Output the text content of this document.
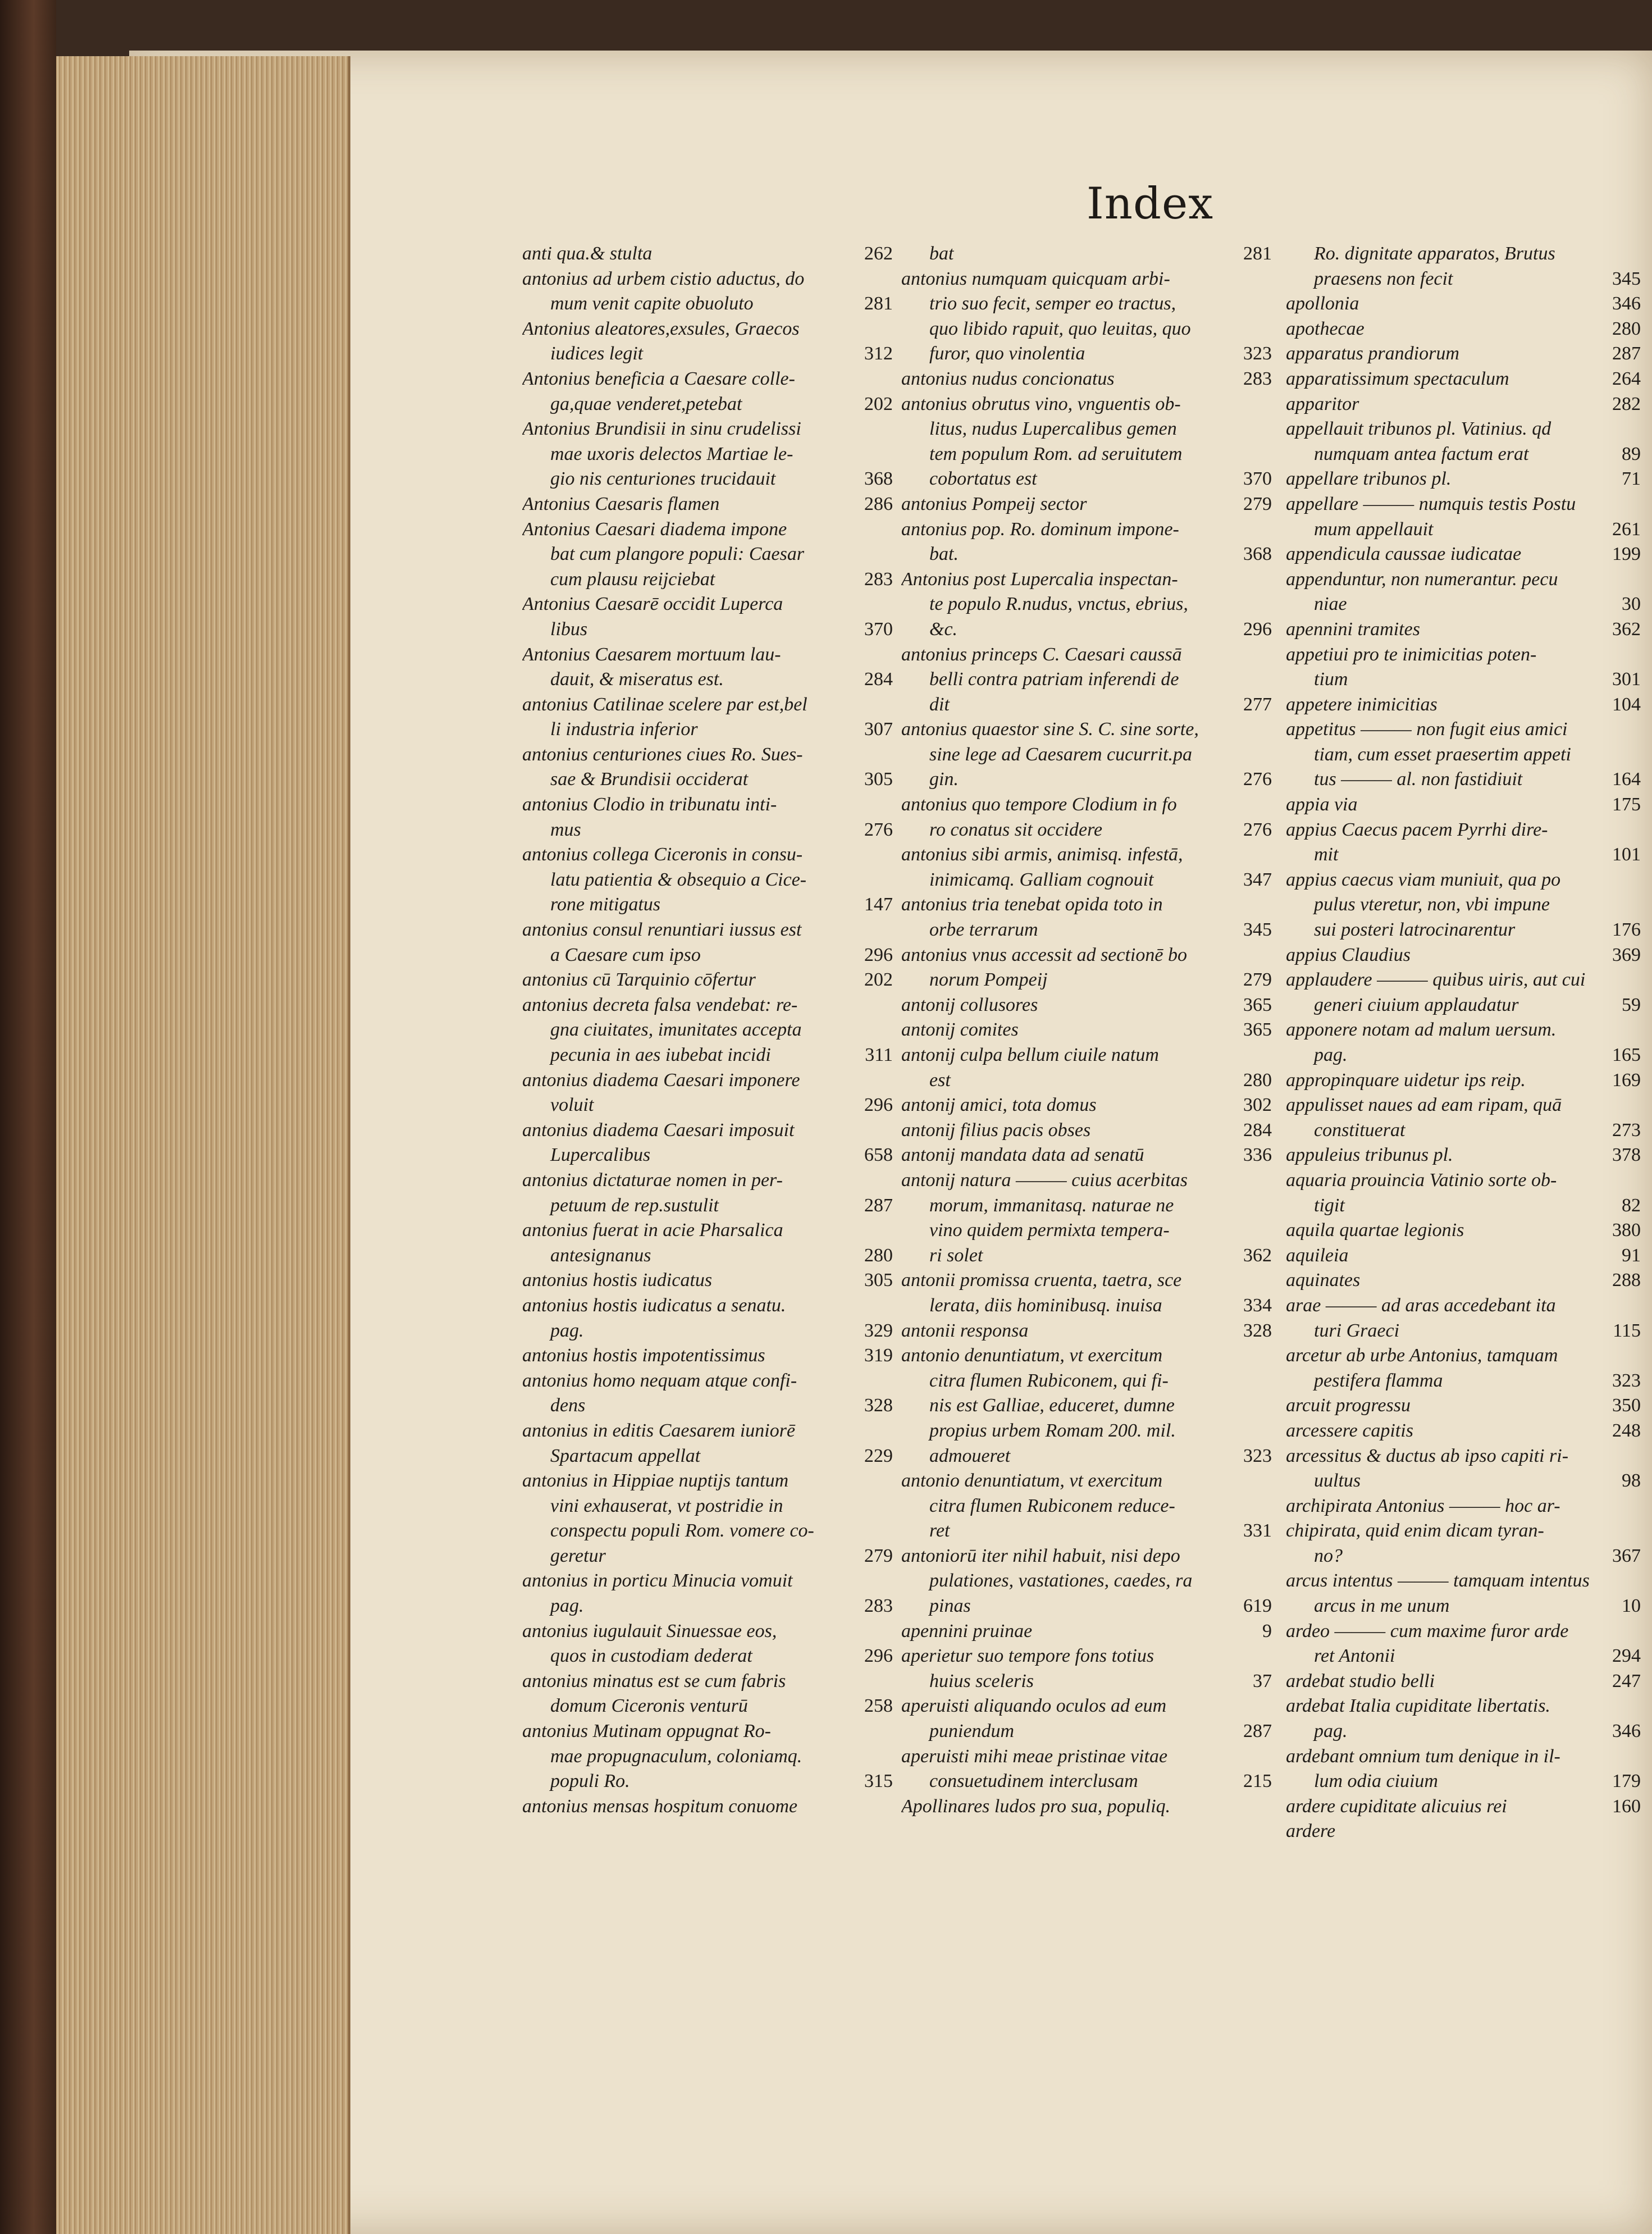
Index
anti qua.& stulta	262
antonius ad urbem cistio aductus, do
mum venit capite obuoluto	281
Antonius aleatores,exsules, Graecos
iudices legit	312
Antonius beneficia a Caesare colle-
ga,quae venderet,petebat	202
Antonius Brundisii in sinu crudelissi
mae uxoris delectos Martiae le-
gio nis centuriones trucidauit	368
Antonius Caesaris flamen	286
Antonius Caesari diadema impone
bat cum plangore populi: Caesar
cum plausu reijciebat	283
Antonius Caesarē occidit Luperca
libus	370
Antonius Caesarem mortuum lau-
dauit, & miseratus est.	284
antonius Catilinae scelere par est,bel
li industria inferior	307
antonius centuriones ciues Ro. Sues-
sae & Brundisii occiderat	305
antonius Clodio in tribunatu inti-
mus	276
antonius collega Ciceronis in consu-
latu patientia & obsequio a Cice-
rone mitigatus	147
antonius consul renuntiari iussus est
a Caesare cum ipso	296
antonius cū Tarquinio cōfertur	202
antonius decreta falsa vendebat: re-
gna ciuitates, imunitates accepta
pecunia in aes iubebat incidi	311
antonius diadema Caesari imponere
voluit	296
antonius diadema Caesari imposuit
Lupercalibus	658
antonius dictaturae nomen in per-
petuum de rep.sustulit	287
antonius fuerat in acie Pharsalica
antesignanus	280
antonius hostis iudicatus	305
antonius hostis iudicatus a senatu.
pag.	329
antonius hostis impotentissimus	319
antonius homo nequam atque confi-
dens	328
antonius in editis Caesarem iuniorē
Spartacum appellat	229
antonius in Hippiae nuptijs tantum
vini exhauserat, vt postridie in
conspectu populi Rom. vomere co-
geretur	279
antonius in porticu Minucia vomuit
pag.	283
antonius iugulauit Sinuessae eos,
quos in custodiam dederat	296
antonius minatus est se cum fabris
domum Ciceronis venturū	258
antonius Mutinam oppugnat Ro-
mae propugnaculum, coloniamq.
populi Ro.	315
antonius mensas hospitum conuome
bat	281
antonius numquam quicquam arbi-
trio suo fecit, semper eo tractus,
quo libido rapuit, quo leuitas, quo
furor, quo vinolentia	323
antonius nudus concionatus	283
antonius obrutus vino, vnguentis ob-
litus, nudus Lupercalibus gemen
tem populum Rom. ad seruitutem
cobortatus est	370
antonius Pompeij sector	279
antonius pop. Ro. dominum impone-
bat.	368
Antonius post Lupercalia inspectan-
te populo R.nudus, vnctus, ebrius,
&c.	296
antonius princeps C. Caesari caussā
belli contra patriam inferendi de
dit	277
antonius quaestor sine S. C. sine sorte,
sine lege ad Caesarem cucurrit.pa
gin.	276
antonius quo tempore Clodium in fo
ro conatus sit occidere	276
antonius sibi armis, animisq. infestā,
inimicamq. Galliam cognouit	347
antonius tria tenebat opida toto in
orbe terrarum	345
antonius vnus accessit ad sectionē bo
norum Pompeij	279
antonij collusores	365
antonij comites	365
antonij culpa bellum ciuile natum
est	280
antonij amici, tota domus	302
antonij filius pacis obses	284
antonij mandata data ad senatū	336
antonij natura ——— cuius acerbitas
morum, immanitasq. naturae ne
vino quidem permixta tempera-
ri solet	362
antonii promissa cruenta, taetra, sce
lerata, diis hominibusq. inuisa	334
antonii responsa	328
antonio denuntiatum, vt exercitum
citra flumen Rubiconem, qui fi-
nis est Galliae, educeret, dumne
propius urbem Romam 200. mil.
admoueret	323
antonio denuntiatum, vt exercitum
citra flumen Rubiconem reduce-
ret	331
antoniorū iter nihil habuit, nisi depo
pulationes, vastationes, caedes, ra
pinas	619
apennini pruinae	9
aperietur suo tempore fons totius
huius sceleris	37
aperuisti aliquando oculos ad eum
puniendum	287
aperuisti mihi meae pristinae vitae
consuetudinem interclusam	215
Apollinares ludos pro sua, populiq.
Ro. dignitate apparatos, Brutus
praesens non fecit	345
apollonia	346
apothecae	280
apparatus prandiorum	287
apparatissimum spectaculum	264
apparitor	282
appellauit tribunos pl. Vatinius. qd
numquam antea factum erat	89
appellare tribunos pl.	71
appellare ——— numquis testis Postu
mum appellauit	261
appendicula caussae iudicatae	199
appenduntur, non numerantur. pecu
niae	30
apennini tramites	362
appetiui pro te inimicitias poten-
tium	301
appetere inimicitias	104
appetitus ——— non fugit eius amici
tiam, cum esset praesertim appeti
tus ——— al. non fastidiuit	164
appia via	175
appius Caecus pacem Pyrrhi dire-
mit	101
appius caecus viam muniuit, qua po
pulus vteretur, non, vbi impune
sui posteri latrocinarentur	176
appius Claudius	369
applaudere ——— quibus uiris, aut cui
generi ciuium applaudatur	59
apponere notam ad malum uersum.
pag.	165
appropinquare uidetur ips reip.	169
appulisset naues ad eam ripam, quā
constituerat	273
appuleius tribunus pl.	378
aquaria prouincia Vatinio sorte ob-
tigit	82
aquila quartae legionis	380
aquileia	91
aquinates	288
arae ——— ad aras accedebant ita
turi Graeci	115
arcetur ab urbe Antonius, tamquam
pestifera flamma	323
arcuit progressu	350
arcessere capitis	248
arcessitus & ductus ab ipso capiti ri-
uultus	98
archipirata Antonius ——— hoc ar-
chipirata, quid enim dicam tyran-
no?	367
arcus intentus ——— tamquam intentus
arcus in me unum	10
ardeo ——— cum maxime furor arde
ret Antonii	294
ardebat studio belli	247
ardebat Italia cupiditate libertatis.
pag.	346
ardebant omnium tum denique in il-
lum odia ciuium	179
ardere cupiditate alicuius rei	160
ardere
